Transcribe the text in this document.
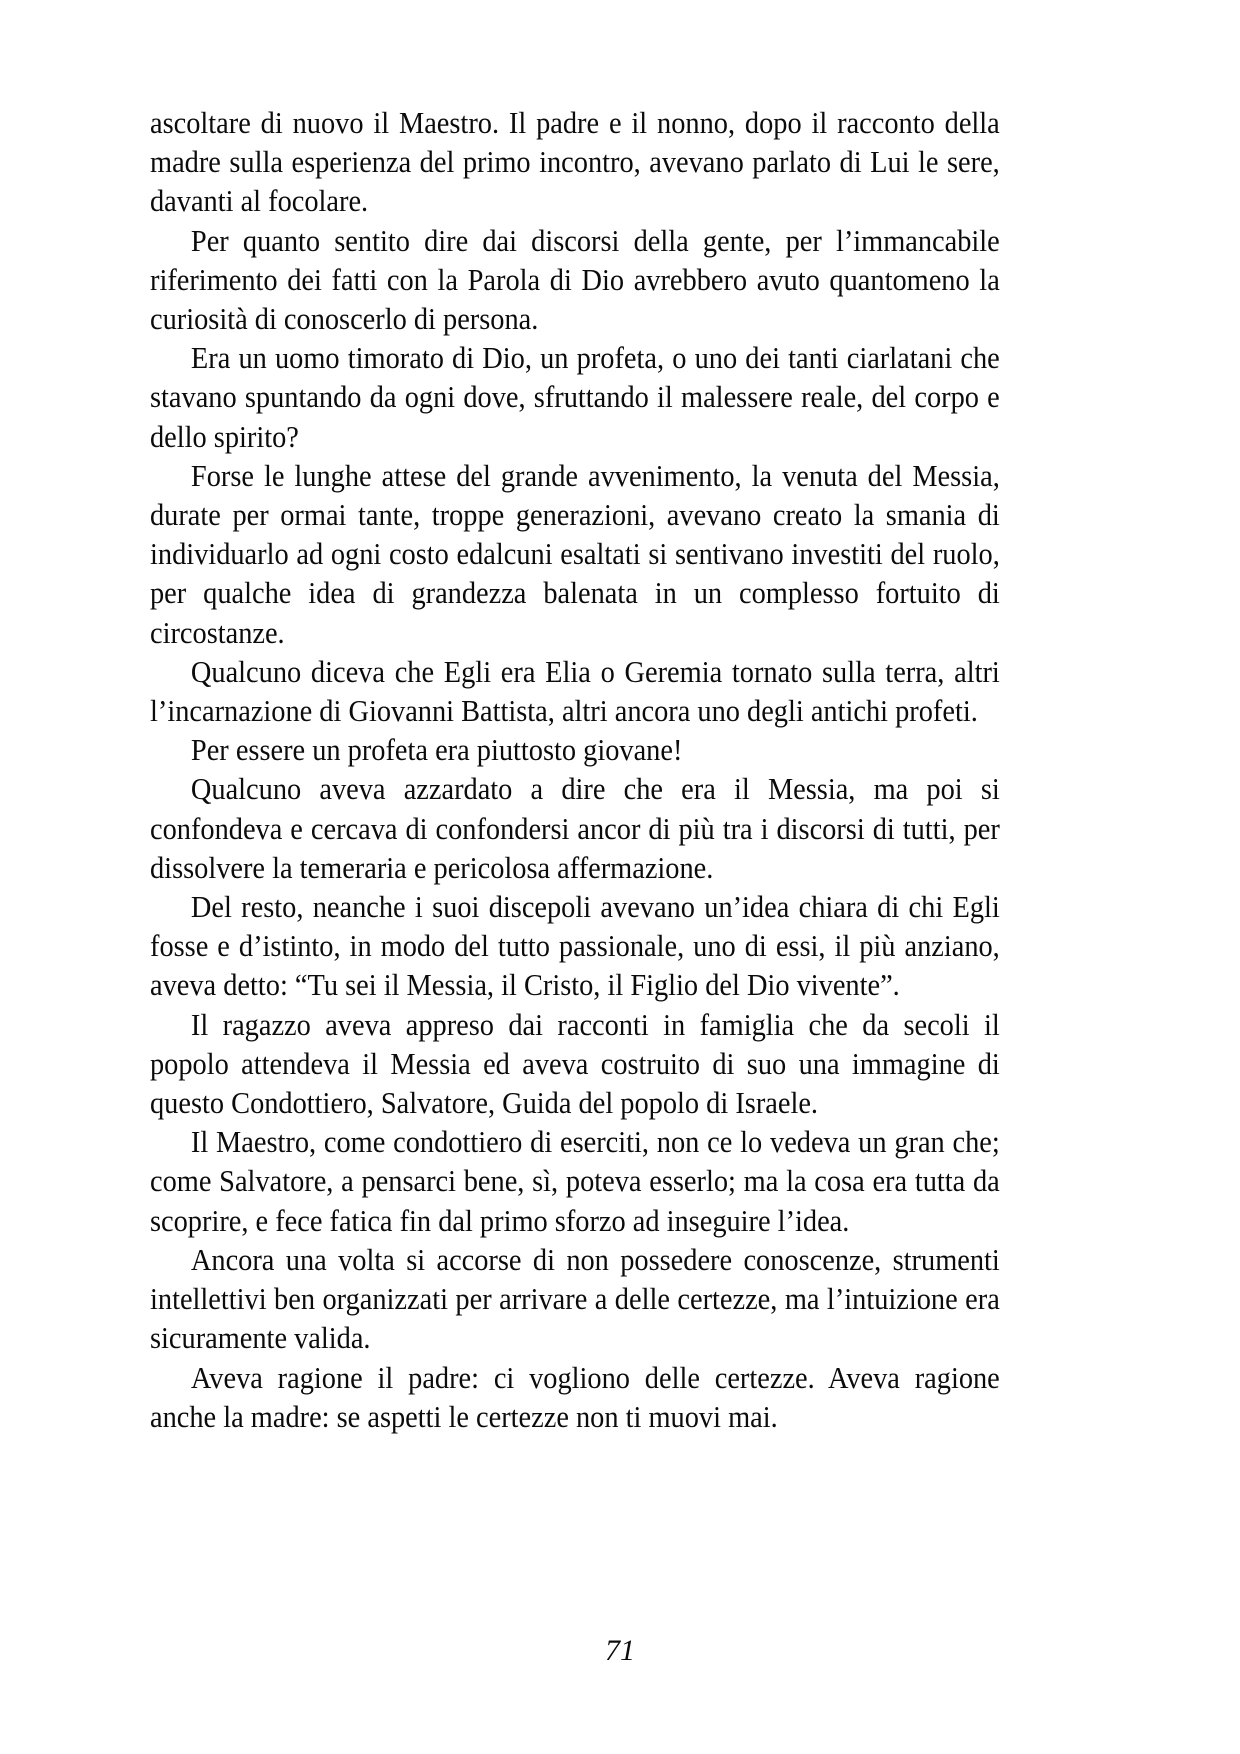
ascoltare di nuovo il Maestro. Il padre e il nonno, dopo il racconto della madre sulla esperienza del primo incontro, avevano parlato di Lui le sere, davanti al focolare.

Per quanto sentito dire dai discorsi della gente, per l’immancabile riferimento dei fatti con la Parola di Dio avrebbero avuto quantomeno la curiosità di conoscerlo di persona.

Era un uomo timorato di Dio, un profeta, o uno dei tanti ciarlatani che stavano spuntando da ogni dove, sfruttando il malessere reale, del corpo e dello spirito?

Forse le lunghe attese del grande avvenimento, la venuta del Messia, durate per ormai tante, troppe generazioni, avevano creato la smania di individuarlo ad ogni costo edalcuni esaltati si sentivano investiti del ruolo, per qualche idea di grandezza balenata in un complesso fortuito di circostanze.

Qualcuno diceva che Egli era Elia o Geremia tornato sulla terra, altri l’incarnazione di Giovanni Battista, altri ancora uno degli antichi profeti.

Per essere un profeta era piuttosto giovane!

Qualcuno aveva azzardato a dire che era il Messia, ma poi si confondeva e cercava di confondersi ancor di più tra i discorsi di tutti, per dissolvere la temeraria e pericolosa affermazione.

Del resto, neanche i suoi discepoli avevano un’idea chiara di chi Egli fosse e d’istinto, in modo del tutto passionale, uno di essi, il più anziano, aveva detto: “Tu sei il Messia, il Cristo, il Figlio del Dio vivente”.

Il ragazzo aveva appreso dai racconti in famiglia che da secoli il popolo attendeva il Messia ed aveva costruito di suo una immagine di questo Condottiero, Salvatore, Guida del popolo di Israele.

Il Maestro, come condottiero di eserciti, non ce lo vedeva un gran che; come Salvatore, a pensarci bene, sì, poteva esserlo; ma la cosa era tutta da scoprire, e fece fatica fin dal primo sforzo ad inseguire l’idea.

Ancora una volta si accorse di non possedere conoscenze, strumenti intellettivi ben organizzati per arrivare a delle certezze, ma l’intuizione era sicuramente valida.

Aveva ragione il padre: ci vogliono delle certezze. Aveva ragione anche la madre: se aspetti le certezze non ti muovi mai.

71
